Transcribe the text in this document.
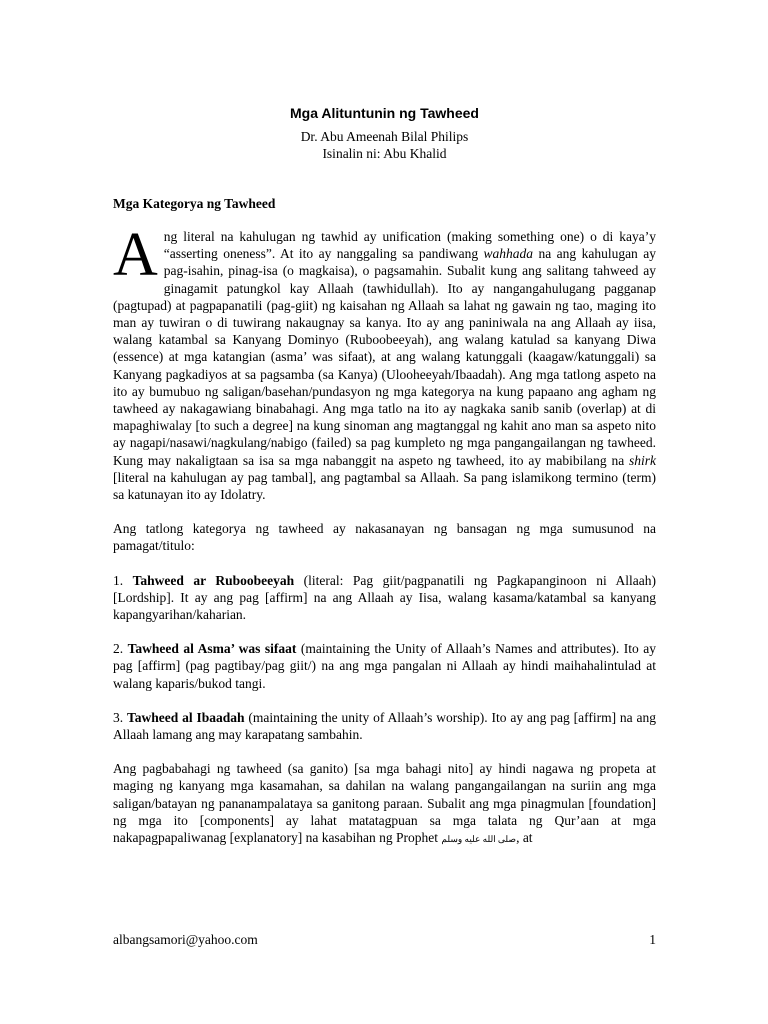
Mga Alituntunin ng Tawheed
Dr. Abu Ameenah Bilal Philips
Isinalin ni: Abu Khalid
Mga Kategorya ng Tawheed

Ang literal na kahulugan ng tawhid ay unification (making something one) o di kaya’y “asserting oneness”. At ito ay nanggaling sa pandiwang wahhada na ang kahulugan ay pag-isahin, pinag-isa (o magkaisa), o pagsamahin. Subalit kung ang salitang tahweed ay ginagamit patungkol kay Allaah (tawhidullah). Ito ay nangangahulugang pagganap (pagtupad) at pagpapanatili (pag-giit) ng kaisahan ng Allaah sa lahat ng gawain ng tao, maging ito man ay tuwiran o di tuwirang nakaugnay sa kanya. Ito ay ang paniniwala na ang Allaah ay iisa, walang katambal sa Kanyang Dominyo (Ruboobeeyah), ang walang katulad sa kanyang Diwa (essence) at mga katangian (asma’ was sifaat), at ang walang katunggali (kaagaw/katunggali) sa Kanyang pagkadiyos at sa pagsamba (sa Kanya) (Ulooheeyah/Ibaadah). Ang mga tatlong aspeto na ito ay bumubuo ng saligan/basehan/pundasyon ng mga kategorya na kung papaano ang agham ng tawheed ay nakagawiang binabahagi. Ang mga tatlo na ito ay nagkaka sanib sanib (overlap) at di mapaghiwalay [to such a degree] na kung sinoman ang magtanggal ng kahit ano man sa aspeto nito ay nagapi/nasawi/nagkulang/nabigo (failed) sa pag kumpleto ng mga pangangailangan ng tawheed. Kung may nakaligtaan sa isa sa mga nabanggit na aspeto ng tawheed, ito ay mabibilang na shirk [literal na kahulugan ay pag tambal], ang pagtambal sa Allaah. Sa pang islamikong termino (term) sa katunayan ito ay Idolatry.

Ang tatlong kategorya ng tawheed ay nakasanayan ng bansagan ng mga sumusunod na pamagat/titulo:

1. Tahweed ar Ruboobeeyah (literal: Pag giit/pagpanatili ng Pagkapanginoon ni Allaah) [Lordship]. It ay ang pag [affirm] na ang Allaah ay Iisa, walang kasama/katambal sa kanyang kapangyarihan/kaharian.

2. Tawheed al Asma’ was sifaat (maintaining the Unity of Allaah’s Names and attributes). Ito ay pag [affirm] (pag pagtibay/pag giit/) na ang mga pangalan ni Allaah ay hindi maihahalintulad at walang kaparis/bukod tangi.

3. Tawheed al Ibaadah (maintaining the unity of Allaah’s worship). Ito ay ang pag [affirm] na ang Allaah lamang ang may karapatang sambahin.

Ang pagbabahagi ng tawheed (sa ganito) [sa mga bahagi nito] ay hindi nagawa ng propeta at maging ng kanyang mga kasamahan, sa dahilan na walang pangangailangan na suriin ang mga saligan/batayan ng pananampalataya sa ganitong paraan. Subalit ang mga pinagmulan [foundation] ng mga ito [components] ay lahat matatagpuan sa mga talata ng Qur’aan at mga nakapagpapaliwanag [explanatory] na kasabihan ng Prophet صلى الله عليه وسلم, at

albangsamori@yahoo.com	1
